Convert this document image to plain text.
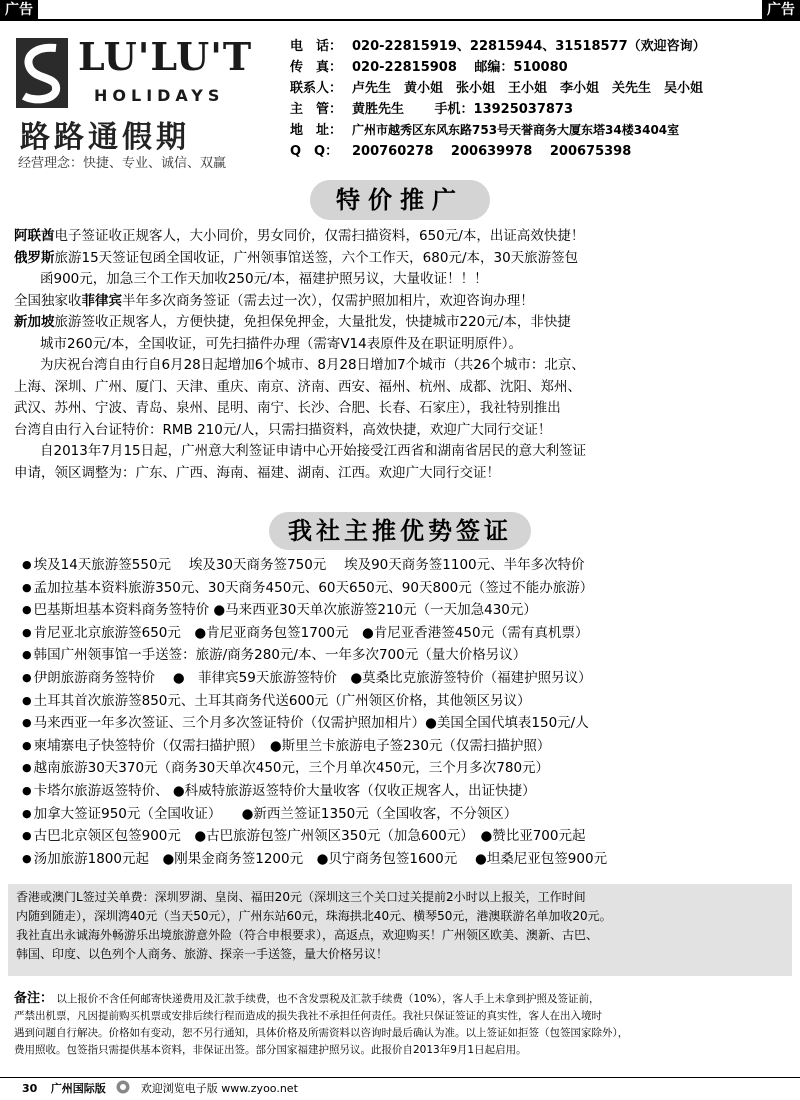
广告	广告
LU'LU'T
HOLIDAYS
路路通假期
经营理念：快捷、专业、诚信、双赢
电　话： 020-22815919、22815944、31518577（欢迎咨询）
传　真： 020-22815908　 邮编：510080
联系人： 卢先生　黄小姐　张小姐　王小姐　李小姐　关先生　吴小姐
主　管： 黄胜先生　　 手机：13925037873
地　址： 广州市越秀区东风东路753号天誉商务大厦东塔34楼3404室
Q　Q： 200760278　 200639978　 200675398
特价推广

阿联酋电子签证收正规客人，大小同价，男女同价，仅需扫描资料，650元/本，出证高效快捷！

俄罗斯旅游15天签证包函全国收证，广州领事馆送签，六个工作天，680元/本，30天旅游签包

函900元，加急三个工作天加收250元/本，福建护照另议，大量收证！！！

全国独家收菲律宾半年多次商务签证（需去过一次），仅需护照加相片，欢迎咨询办理！

新加坡旅游签收正规客人，方便快捷，免担保免押金，大量批发，快捷城市220元/本，非快捷

城市260元/本，全国收证，可先扫描件办理（需寄V14表原件及在职证明原件）。

为庆祝台湾自由行自6月28日起增加6个城市、8月28日增加7个城市（共26个城市：北京、

上海、深圳、广州、厦门、天津、重庆、南京、济南、西安、福州、杭州、成都、沈阳、郑州、

武汉、苏州、宁波、青岛、泉州、昆明、南宁、长沙、合肥、长春、石家庄），我社特别推出

台湾自由行入台证特价：RMB 210元/人，只需扫描资料，高效快捷，欢迎广大同行交证！

自2013年7月15日起，广州意大利签证申请中心开始接受江西省和湖南省居民的意大利签证

申请，领区调整为：广东、广西、海南、福建、湖南、江西。欢迎广大同行交证！

我社主推优势签证
● 埃及14天旅游签550元　 埃及30天商务签750元　 埃及90天商务签1100元、半年多次特价
● 孟加拉基本资料旅游350元、30天商务450元、60天650元、90天800元（签过不能办旅游）
● 巴基斯坦基本资料商务签特价 ●马来西亚30天单次旅游签210元（一天加急430元）
● 肯尼亚北京旅游签650元　●肯尼亚商务包签1700元　●肯尼亚香港签450元（需有真机票）
● 韩国广州领事馆一手送签：旅游/商务280元/本、一年多次700元（量大价格另议）
● 伊朗旅游商务签特价　 ●　菲律宾59天旅游签特价　●莫桑比克旅游签特价（福建护照另议）
● 土耳其首次旅游签850元、土耳其商务代送600元（广州领区价格，其他领区另议）
● 马来西亚一年多次签证、三个月多次签证特价（仅需护照加相片）●美国全国代填表150元/人
● 柬埔寨电子快签特价（仅需扫描护照）　●斯里兰卡旅游电子签230元（仅需扫描护照）
● 越南旅游30天370元（商务30天单次450元，三个月单次450元，三个月多次780元）
● 卡塔尔旅游返签特价、 ●科威特旅游返签特价大量收客（仅收正规客人，出证快捷）
● 加拿大签证950元（全国收证）　　●新西兰签证1350元（全国收客，不分领区）
● 古巴北京领区包签900元　●古巴旅游包签广州领区350元（加急600元）　●赞比亚700元起
● 汤加旅游1800元起　●刚果金商务签1200元　●贝宁商务包签1600元　 ●坦桑尼亚包签900元
香港或澳门L签过关单费：深圳罗湖、皇岗、福田20元（深圳这三个关口过关提前2小时以上报关，工作时间
内随到随走），深圳湾40元（当天50元），广州东站60元，珠海拱北40元、横琴50元，港澳联游名单加收20元。
我社直出永诚海外畅游乐出境旅游意外险（符合申根要求），高返点，欢迎购买！广州领区欧美、澳新、古巴、
韩国、印度、以色列个人商务、旅游、探亲一手送签，量大价格另议！
备注： 以上报价不含任何邮寄快递费用及汇款手续费，也不含发票税及汇款手续费（10%），客人手上未拿到护照及签证前，
严禁出机票，凡因提前购买机票或安排后续行程而造成的损失我社不承担任何责任。我社只保证签证的真实性，客人在出入境时
遇到问题自行解决。价格如有变动，恕不另行通知，具体价格及所需资料以咨询时最后确认为准。以上签证如拒签（包签国家除外），
费用照收。包签指只需提供基本资料，非保证出签。部分国家福建护照另议。此报价自2013年9月1日起启用。
30 广州国际版	欢迎浏览电子版 www.zyoo.net
